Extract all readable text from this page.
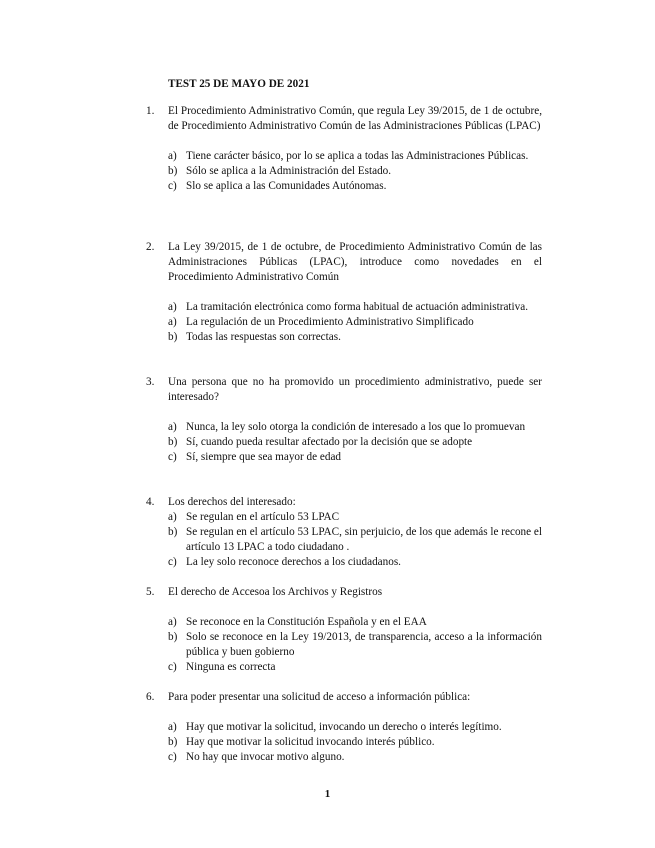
TEST 25 DE MAYO DE 2021
1.	El Procedimiento Administrativo Común, que regula Ley 39/2015, de 1 de octubre, de Procedimiento Administrativo Común de las Administraciones Públicas (LPAC)
a) Tiene carácter básico, por lo se aplica a todas las Administraciones Públicas.
b) Sólo se aplica a la Administración del Estado.
c) Slo se aplica a las Comunidades Autónomas.
2.	La Ley 39/2015, de 1 de octubre, de Procedimiento Administrativo Común de las Administraciones Públicas (LPAC), introduce como novedades en el Procedimiento Administrativo Común
a) La tramitación electrónica como forma habitual de actuación administrativa.
a) La regulación de un Procedimiento Administrativo Simplificado
b) Todas las respuestas son correctas.
3.	Una persona que no ha promovido un procedimiento administrativo, puede ser interesado?
a) Nunca, la ley solo otorga la condición de interesado a los que lo promuevan
b) Sí, cuando pueda resultar afectado por la decisión que se adopte
c) Sí, siempre que sea mayor de edad
4.	Los derechos del interesado:
a) Se regulan en el artículo 53 LPAC
b) Se regulan en el artículo 53 LPAC, sin perjuicio, de los que además le recone el artículo 13 LPAC a todo ciudadano .
c) La ley solo reconoce derechos a los ciudadanos.
5.	El derecho de Accesoa los Archivos y Registros
a) Se reconoce en la Constitución Española y en el EAA
b) Solo se reconoce en la Ley 19/2013, de transparencia, acceso a la información pública y buen gobierno
c) Ninguna es correcta
6.	Para poder presentar una solicitud de acceso a información pública:
a) Hay que motivar la solicitud, invocando un derecho o interés legítimo.
b) Hay que motivar la solicitud invocando interés público.
c) No hay que invocar motivo alguno.
1
